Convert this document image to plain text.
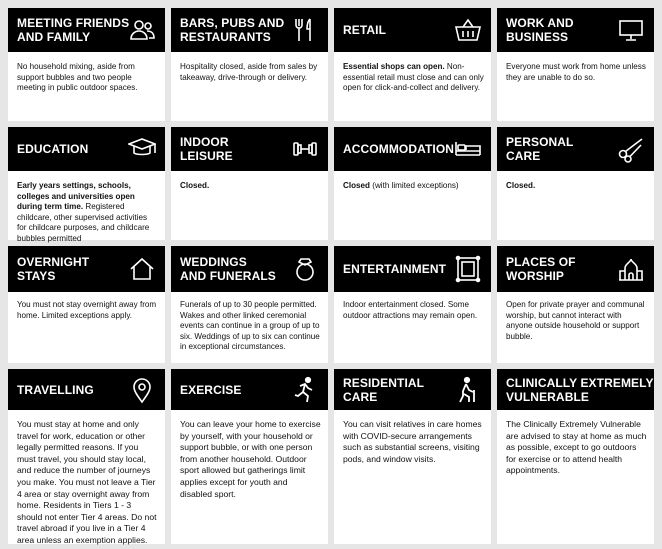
MEETING FRIENDS
AND FAMILY
No household mixing, aside from support bubbles and two people meeting in public outdoor spaces.
BARS, PUBS AND
RESTAURANTS
Hospitality closed, aside from sales by takeaway, drive-through or delivery.
RETAIL
Essential shops can open. Non-essential retail must close and can only open for click-and-collect and delivery.
WORK AND
BUSINESS
Everyone must work from home unless they are unable to do so.
EDUCATION
Early years settings, schools, colleges and universities open during term time. Registered childcare, other supervised activities for childcare purposes, and childcare bubbles permitted
INDOOR
LEISURE
Closed.
ACCOMMODATION
Closed (with limited exceptions)
PERSONAL
CARE
Closed.
OVERNIGHT
STAYS
You must not stay overnight away from home. Limited exceptions apply.
WEDDINGS
AND FUNERALS
Funerals of up to 30 people permitted. Wakes and other linked ceremonial events can continue in a group of up to six. Weddings of up to six can continue in exceptional circumstances.
ENTERTAINMENT
Indoor entertainment closed. Some outdoor attractions may remain open.
PLACES OF
WORSHIP
Open for private prayer and communal worship, but cannot interact with anyone outside household or support bubble.
TRAVELLING
You must stay at home and only travel for work, education or other legally permitted reasons. If you must travel, you should stay local, and reduce the number of journeys you make. You must not leave a Tier 4 area or stay overnight away from home. Residents in Tiers 1 - 3 should not enter Tier 4 areas. Do not travel abroad if you live in a Tier 4 area unless an exemption applies.
EXERCISE
You can leave your home to exercise by yourself, with your household or support bubble, or with one person from another household. Outdoor sport allowed but gatherings limit applies except for youth and disabled sport.
RESIDENTIAL
CARE
You can visit relatives in care homes with COVID-secure arrangements such as substantial screens, visiting pods, and window visits.
CLINICALLY EXTREMELY
VULNERABLE
The Clinically Extremely Vulnerable are advised to stay at home as much as possible, except to go outdoors for exercise or to attend health appointments.
